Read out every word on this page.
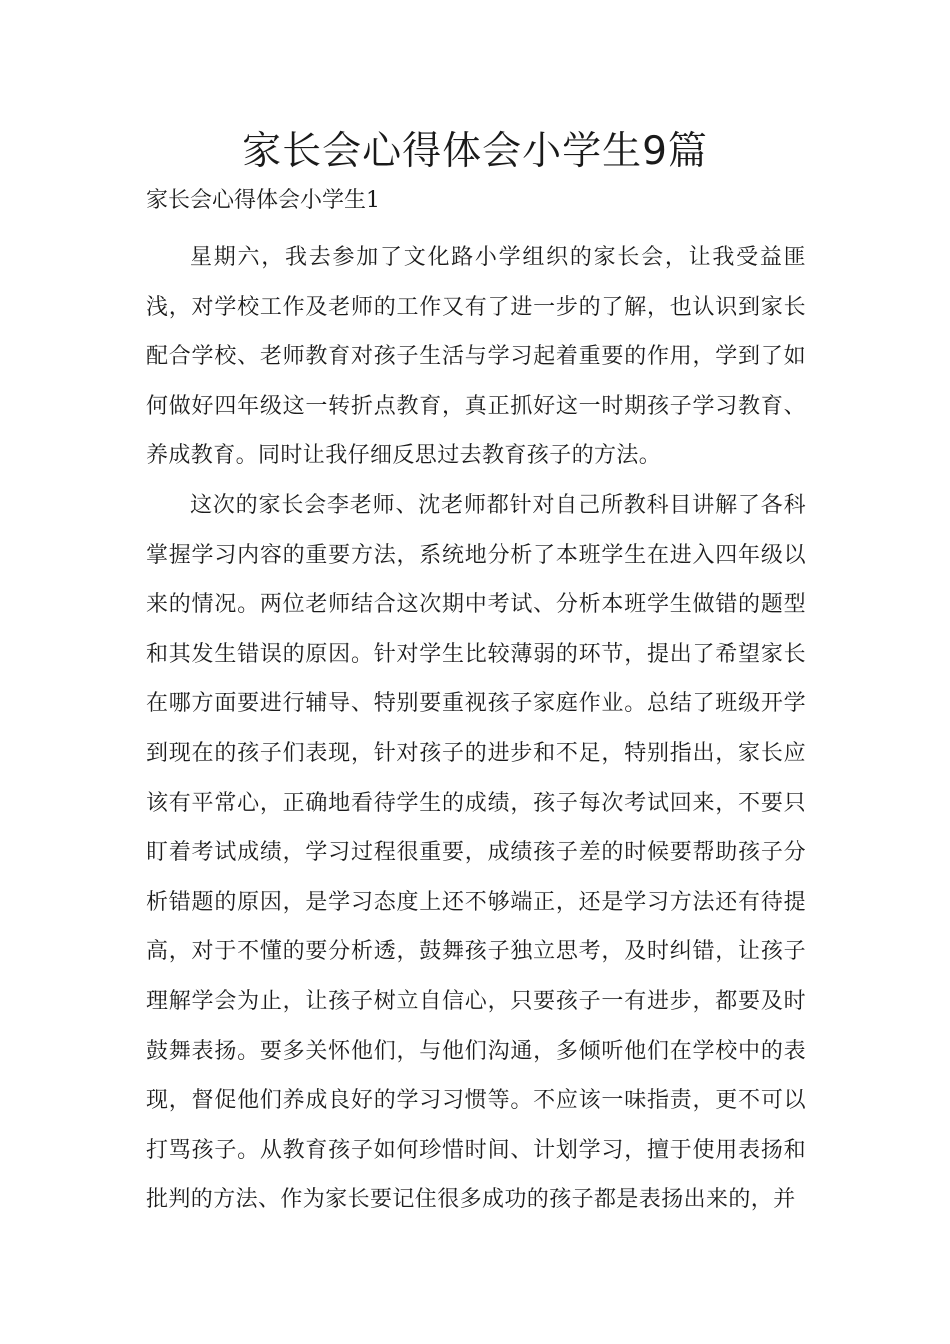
家长会心得体会小学生9篇
家长会心得体会小学生1

星期六，我去参加了文化路小学组织的家长会，让我受益匪浅，对学校工作及老师的工作又有了进一步的了解，也认识到家长配合学校、老师教育对孩子生活与学习起着重要的作用，学到了如何做好四年级这一转折点教育，真正抓好这一时期孩子学习教育、养成教育。同时让我仔细反思过去教育孩子的方法。

这次的家长会李老师、沈老师都针对自己所教科目讲解了各科掌握学习内容的重要方法，系统地分析了本班学生在进入四年级以来的情况。两位老师结合这次期中考试、分析本班学生做错的题型和其发生错误的原因。针对学生比较薄弱的环节，提出了希望家长在哪方面要进行辅导、特别要重视孩子家庭作业。总结了班级开学到现在的孩子们表现，针对孩子的进步和不足，特别指出，家长应该有平常心，正确地看待学生的成绩，孩子每次考试回来，不要只盯着考试成绩，学习过程很重要，成绩孩子差的时候要帮助孩子分析错题的原因，是学习态度上还不够端正，还是学习方法还有待提高，对于不懂的要分析透，鼓舞孩子独立思考，及时纠错，让孩子理解学会为止，让孩子树立自信心，只要孩子一有进步，都要及时鼓舞表扬。要多关怀他们，与他们沟通，多倾听他们在学校中的表现，督促他们养成良好的学习习惯等。不应该一味指责，更不可以打骂孩子。从教育孩子如何珍惜时间、计划学习，擅于使用表扬和批判的方法、作为家长要记住很多成功的孩子都是表扬出来的，并
